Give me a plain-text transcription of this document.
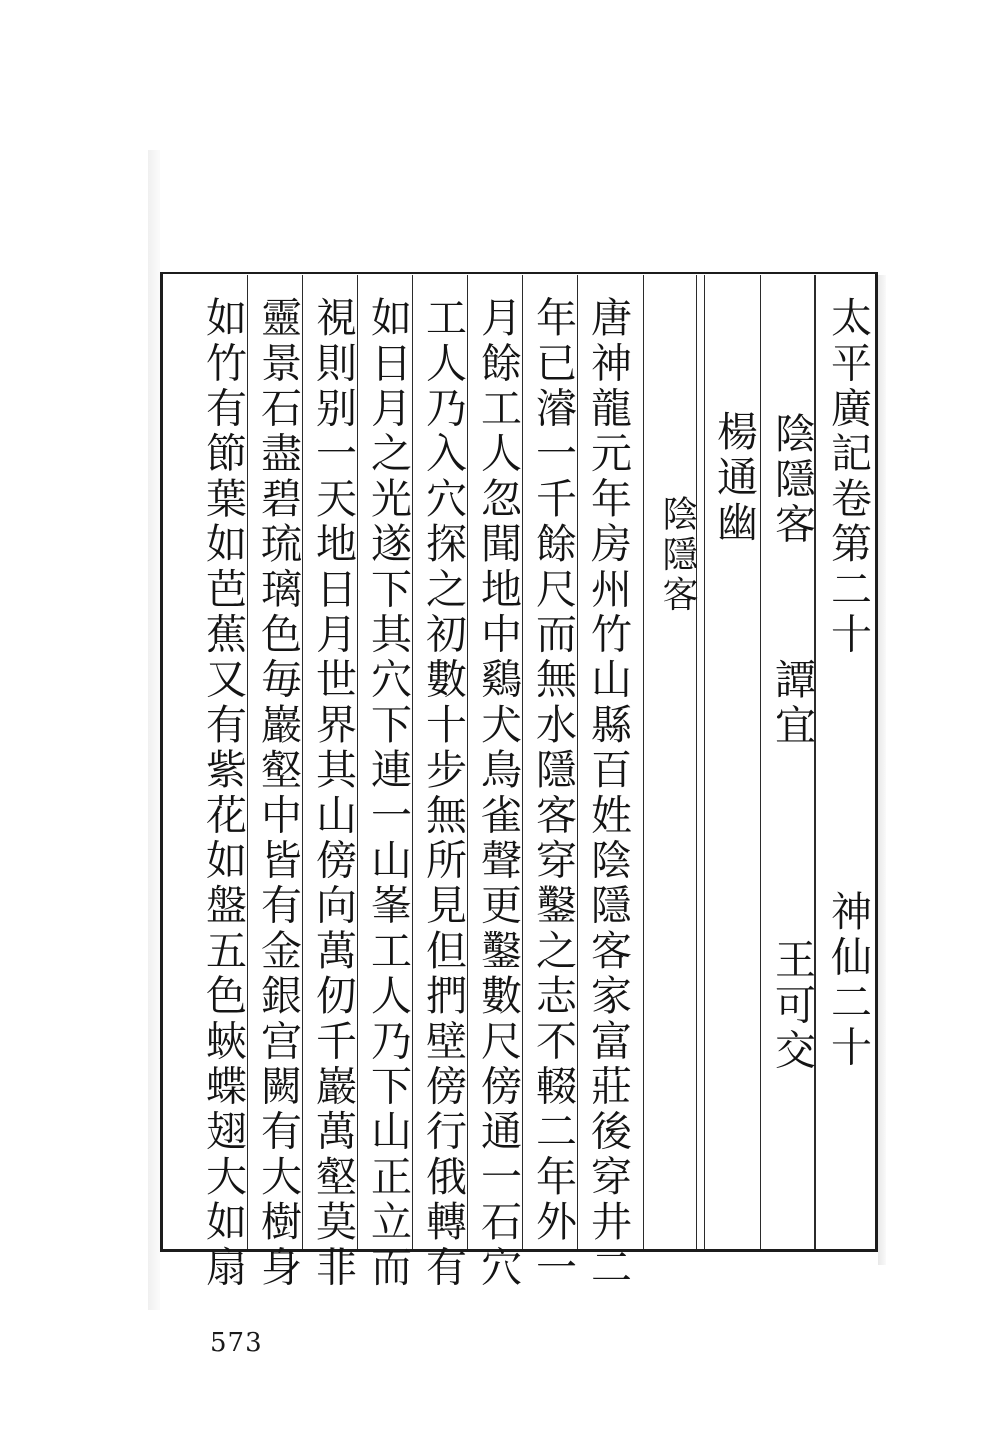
太平廣記卷第二十
神仙二十
陰隱客
譚宜
王可交
楊通幽
陰隱客
唐神龍元年房州竹山縣百姓陰隱客家富莊後穿井二
年已濬一千餘尺而無水隱客穿鑿之志不輟二年外一
月餘工人忽聞地中鷄犬鳥雀聲更鑿數尺傍通一石穴
工人乃入穴探之初數十步無所見但捫壁傍行俄轉有
如日月之光遂下其穴下連一山峯工人乃下山正立而
視則别一天地日月世界其山傍向萬仞千巖萬壑莫非
靈景石盡碧琉璃色毎巖壑中皆有金銀宫闕有大樹身
如竹有節葉如芭蕉又有紫花如盤五色蛺蝶翅大如扇
573
